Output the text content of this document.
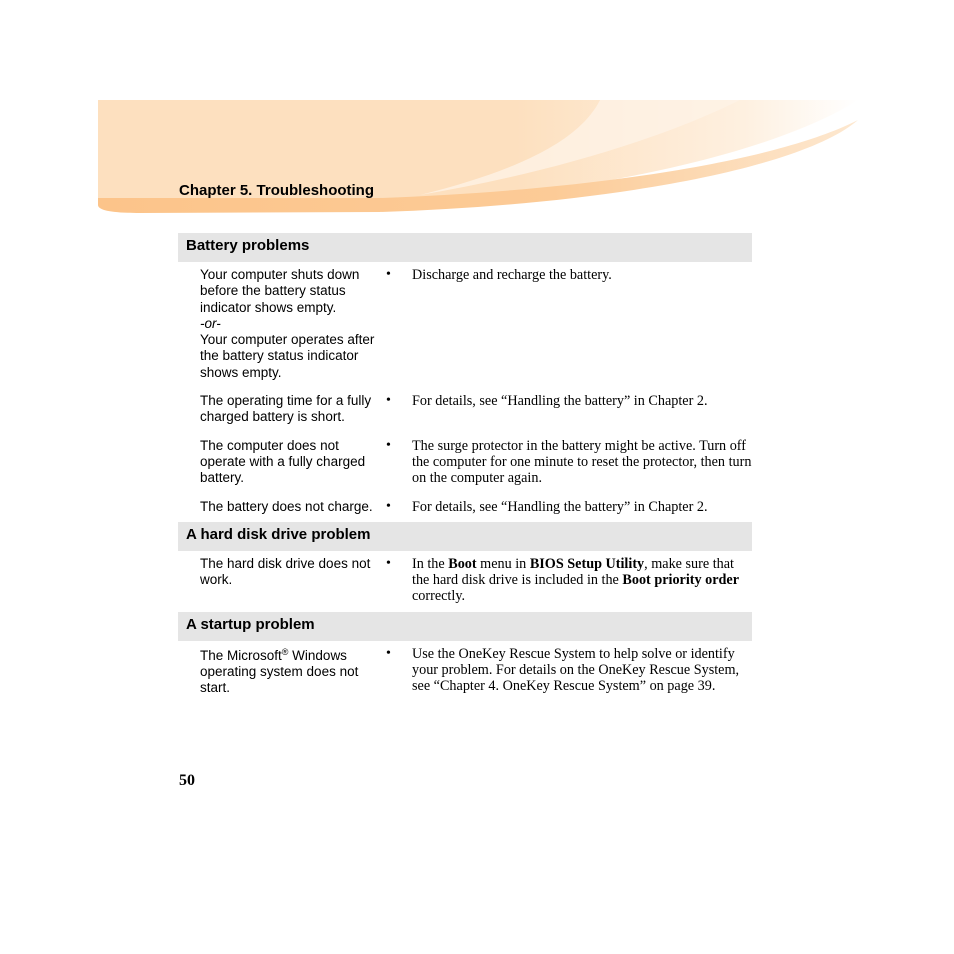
Chapter 5. Troubleshooting
Battery problems
Your computer shuts down before the battery status indicator shows empty.
-or-
Your computer operates after the battery status indicator shows empty.
•	Discharge and recharge the battery.
The operating time for a fully charged battery is short.
•	For details, see “Handling the battery” in Chapter 2.
The computer does not operate with a fully charged battery.
•	The surge protector in the battery might be active. Turn off the computer for one minute to reset the protector, then turn on the computer again.
The battery does not charge. •	For details, see “Handling the battery” in Chapter 2.
A hard disk drive problem
The hard disk drive does not work.
•	In the Boot menu in BIOS Setup Utility, make sure that the hard disk drive is included in the Boot priority order correctly.
A startup problem
The Microsoft® Windows operating system does not start.
•	Use the OneKey Rescue System to help solve or identify your problem. For details on the OneKey Rescue System, see “Chapter 4. OneKey Rescue System” on page 39.
50
